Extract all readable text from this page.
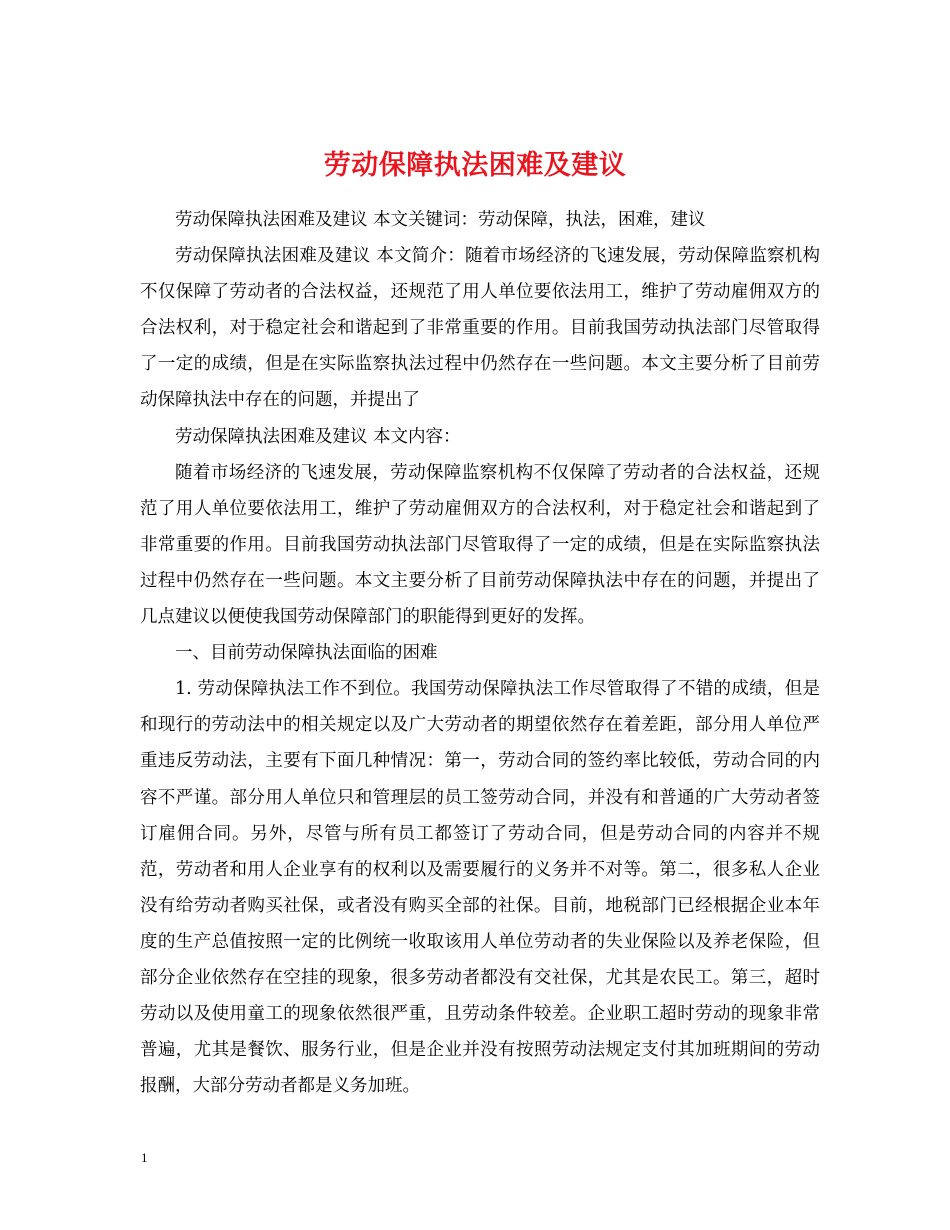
劳动保障执法困难及建议

劳动保障执法困难及建议 本文关键词：劳动保障，执法，困难，建议

劳动保障执法困难及建议 本文简介：随着市场经济的飞速发展，劳动保障监察机构不仅保障了劳动者的合法权益，还规范了用人单位要依法用工，维护了劳动雇佣双方的合法权利，对于稳定社会和谐起到了非常重要的作用。目前我国劳动执法部门尽管取得了一定的成绩，但是在实际监察执法过程中仍然存在一些问题。本文主要分析了目前劳动保障执法中存在的问题，并提出了

劳动保障执法困难及建议 本文内容：

随着市场经济的飞速发展，劳动保障监察机构不仅保障了劳动者的合法权益，还规范了用人单位要依法用工，维护了劳动雇佣双方的合法权利，对于稳定社会和谐起到了非常重要的作用。目前我国劳动执法部门尽管取得了一定的成绩，但是在实际监察执法过程中仍然存在一些问题。本文主要分析了目前劳动保障执法中存在的问题，并提出了几点建议以便使我国劳动保障部门的职能得到更好的发挥。

一、目前劳动保障执法面临的困难

1. 劳动保障执法工作不到位。我国劳动保障执法工作尽管取得了不错的成绩，但是和现行的劳动法中的相关规定以及广大劳动者的期望依然存在着差距，部分用人单位严重违反劳动法，主要有下面几种情况：第一，劳动合同的签约率比较低，劳动合同的内容不严谨。部分用人单位只和管理层的员工签劳动合同，并没有和普通的广大劳动者签订雇佣合同。另外，尽管与所有员工都签订了劳动合同，但是劳动合同的内容并不规范，劳动者和用人企业享有的权利以及需要履行的义务并不对等。第二，很多私人企业没有给劳动者购买社保，或者没有购买全部的社保。目前，地税部门已经根据企业本年度的生产总值按照一定的比例统一收取该用人单位劳动者的失业保险以及养老保险，但部分企业依然存在空挂的现象，很多劳动者都没有交社保，尤其是农民工。第三，超时劳动以及使用童工的现象依然很严重，且劳动条件较差。企业职工超时劳动的现象非常普遍，尤其是餐饮、服务行业，但是企业并没有按照劳动法规定支付其加班期间的劳动报酬，大部分劳动者都是义务加班。

1
